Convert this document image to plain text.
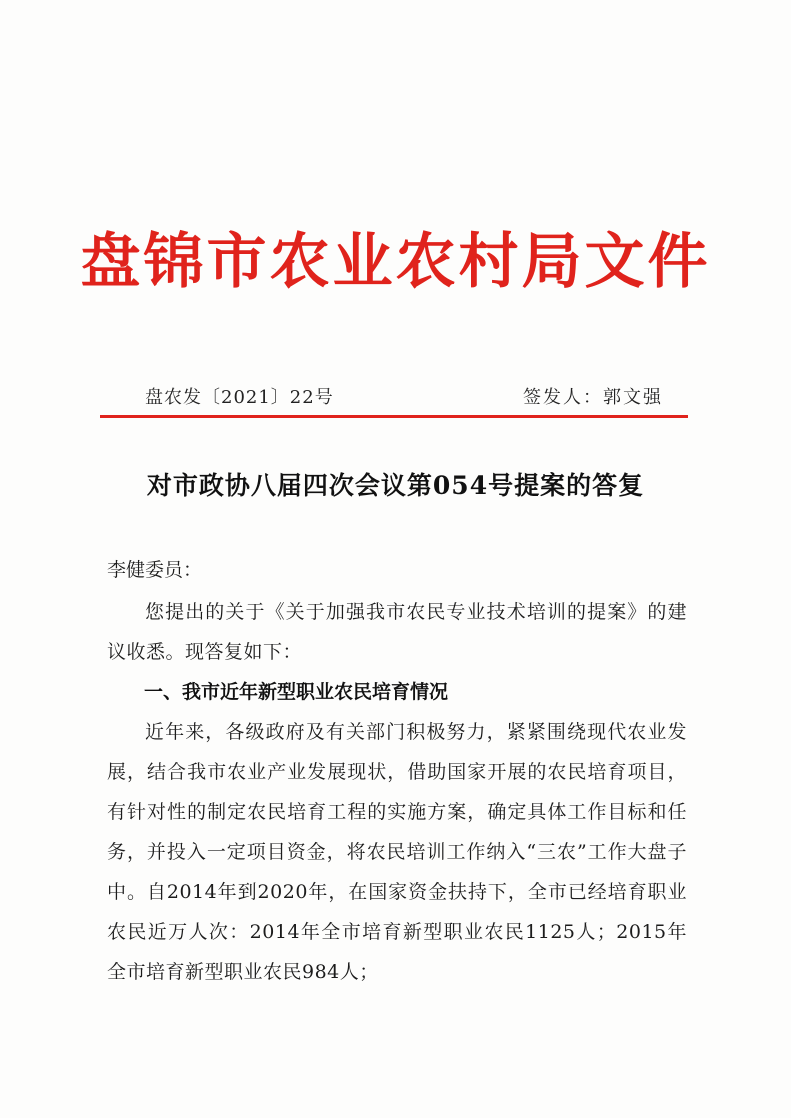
盘锦市农业农村局文件
盘农发〔2021〕22号	签发人：郭文强
对市政协八届四次会议第054号提案的答复
李健委员：
您提出的关于《关于加强我市农民专业技术培训的提案》的建议收悉。现答复如下：
一、我市近年新型职业农民培育情况
近年来，各级政府及有关部门积极努力，紧紧围绕现代农业发展，结合我市农业产业发展现状，借助国家开展的农民培育项目，有针对性的制定农民培育工程的实施方案，确定具体工作目标和任务，并投入一定项目资金，将农民培训工作纳入“三农”工作大盘子中。自2014年到2020年，在国家资金扶持下，全市已经培育职业农民近万人次：2014年全市培育新型职业农民1125人；2015年全市培育新型职业农民984人；
